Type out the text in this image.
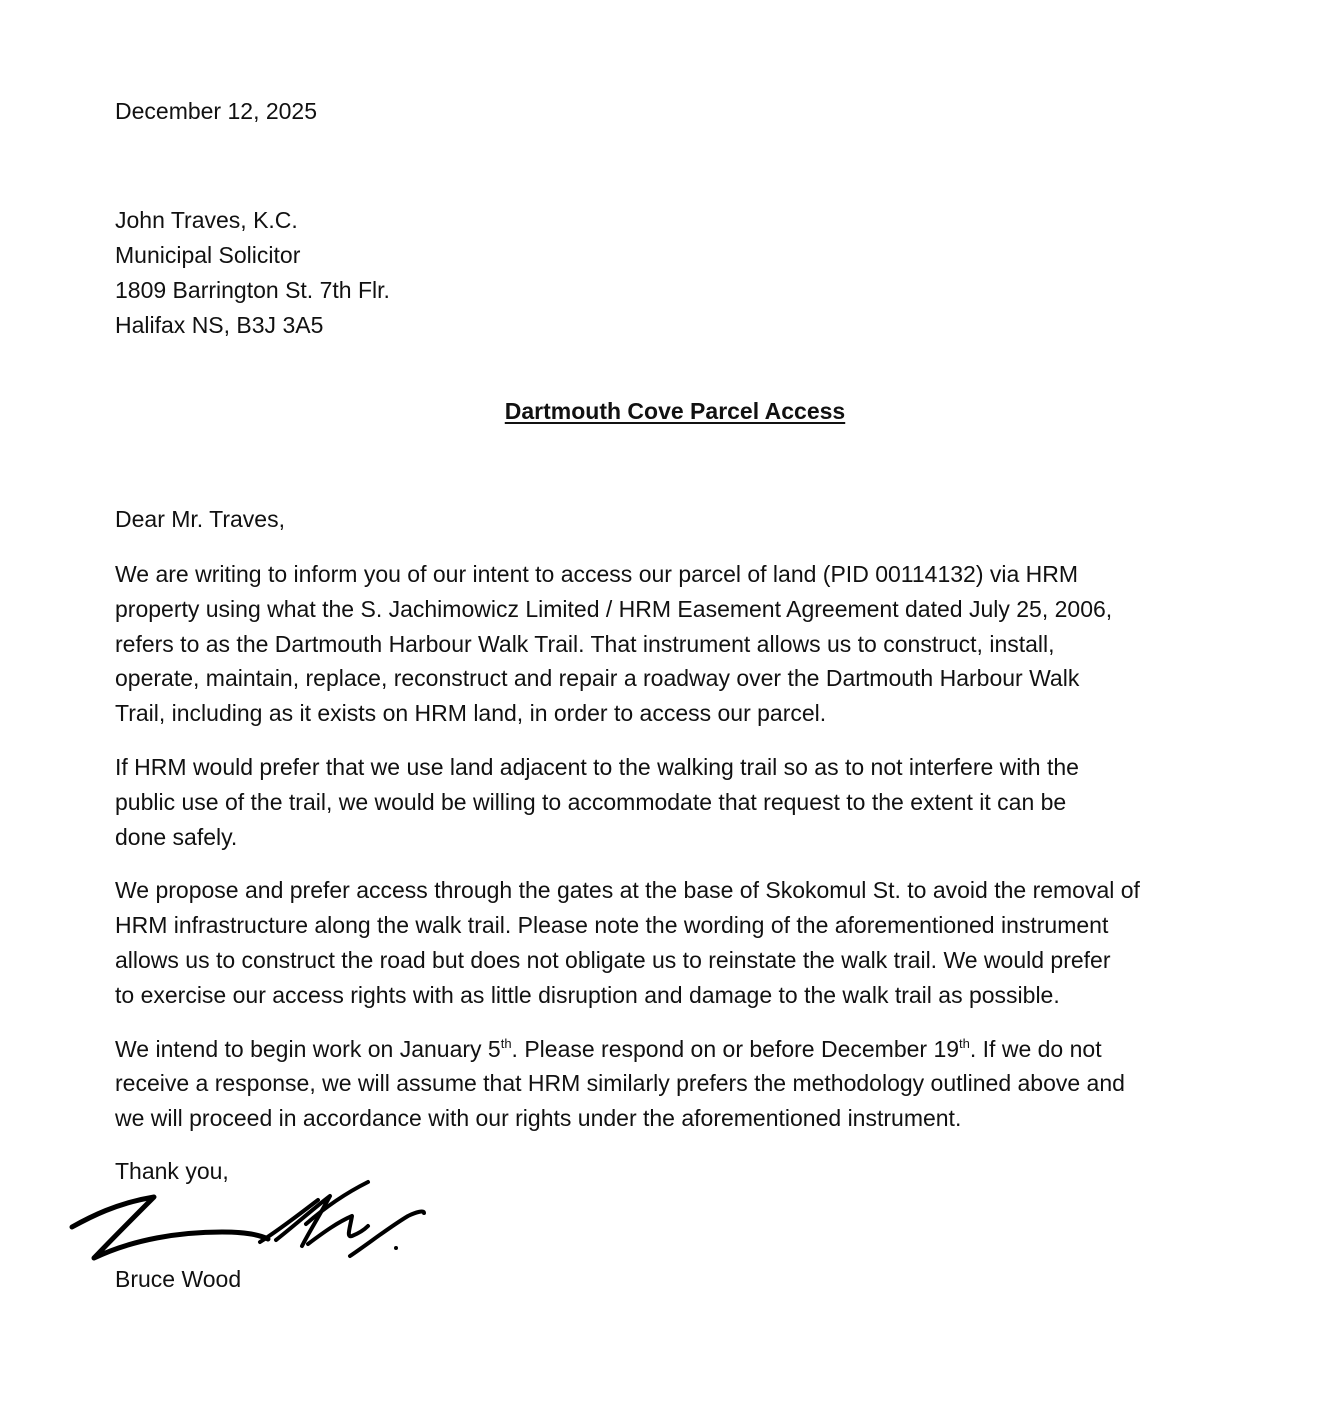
December 12, 2025
John Traves, K.C.
Municipal Solicitor
1809 Barrington St. 7th Flr.
Halifax NS, B3J 3A5
Dartmouth Cove Parcel Access
Dear Mr. Traves,

We are writing to inform you of our intent to access our parcel of land (PID 00114132) via HRM
property using what the S. Jachimowicz Limited / HRM Easement Agreement dated July 25, 2006,
refers to as the Dartmouth Harbour Walk Trail. That instrument allows us to construct, install,
operate, maintain, replace, reconstruct and repair a roadway over the Dartmouth Harbour Walk
Trail, including as it exists on HRM land, in order to access our parcel.

If HRM would prefer that we use land adjacent to the walking trail so as to not interfere with the
public use of the trail, we would be willing to accommodate that request to the extent it can be
done safely.

We propose and prefer access through the gates at the base of Skokomul St. to avoid the removal of
HRM infrastructure along the walk trail. Please note the wording of the aforementioned instrument
allows us to construct the road but does not obligate us to reinstate the walk trail. We would prefer
to exercise our access rights with as little disruption and damage to the walk trail as possible.

We intend to begin work on January 5th. Please respond on or before December 19th. If we do not
receive a response, we will assume that HRM similarly prefers the methodology outlined above and
we will proceed in accordance with our rights under the aforementioned instrument.

Thank you,
Bruce Wood
